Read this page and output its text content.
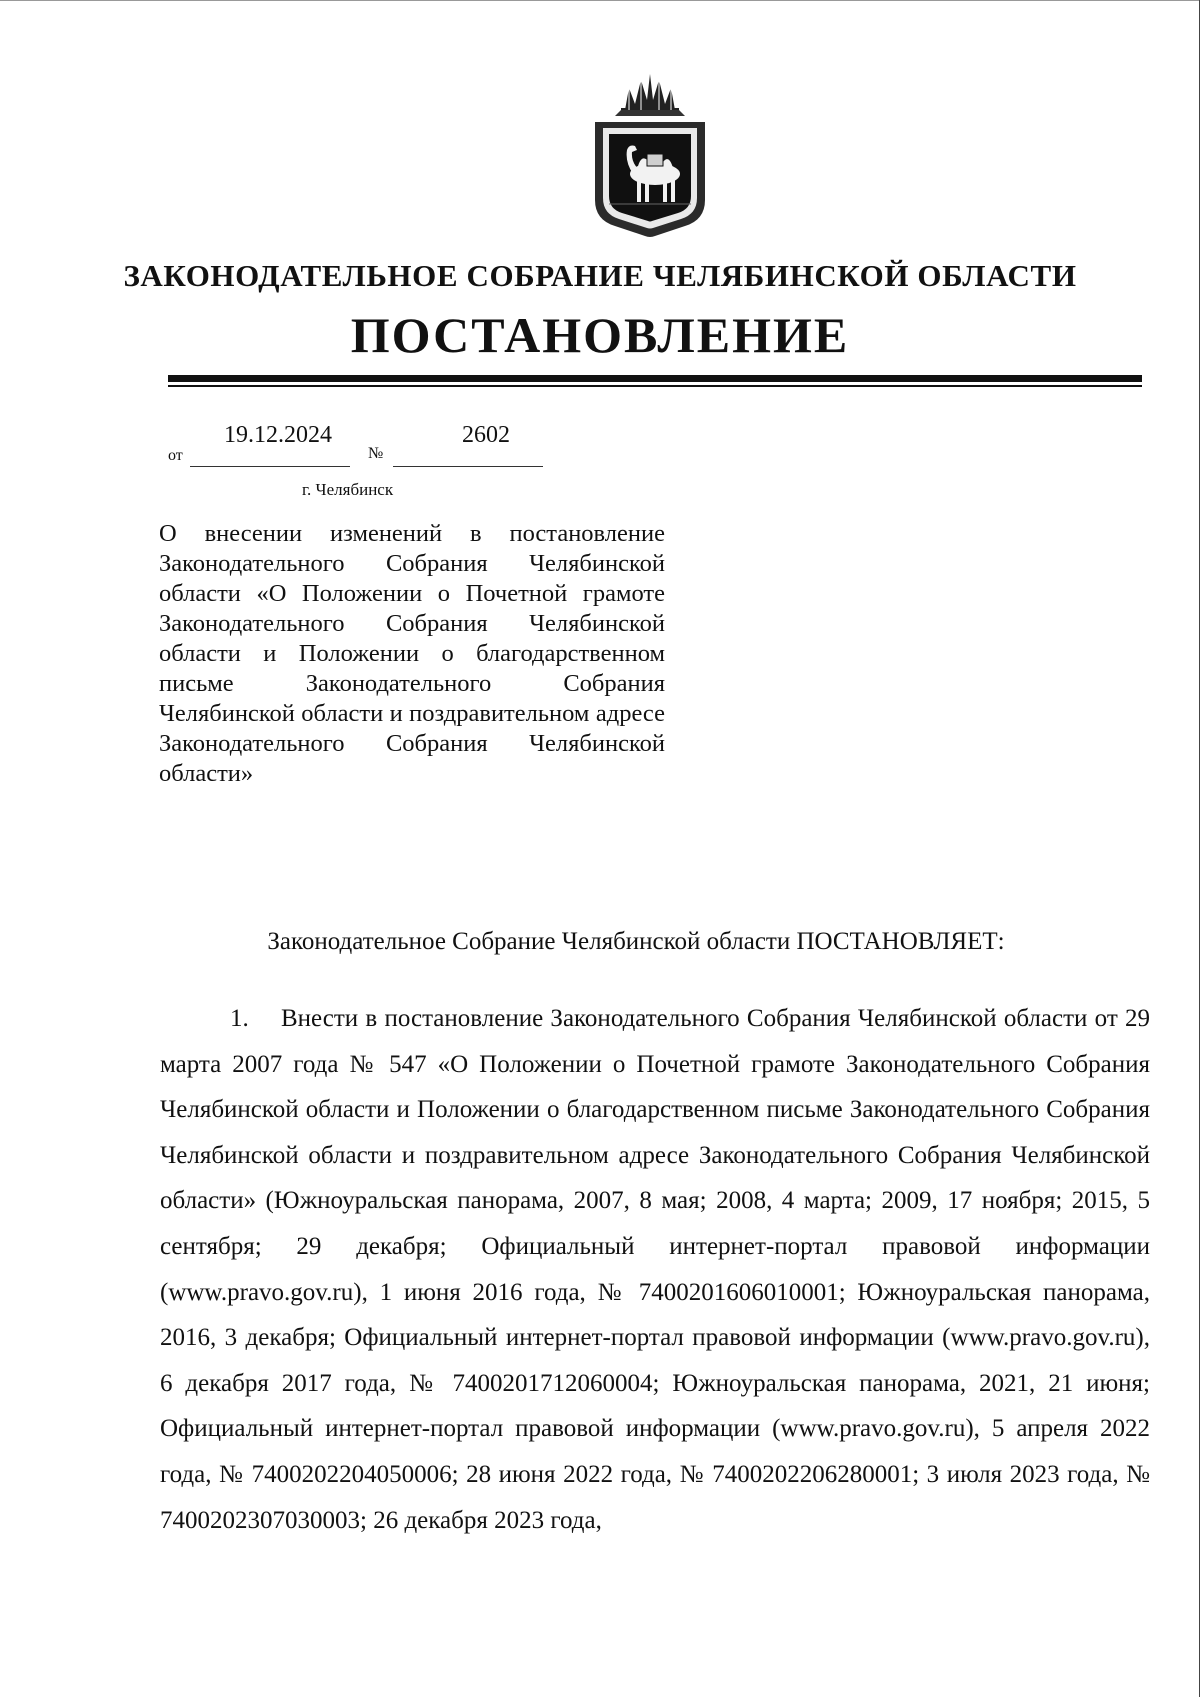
ЗАКОНОДАТЕЛЬНОЕ СОБРАНИЕ ЧЕЛЯБИНСКОЙ ОБЛАСТИ
ПОСТАНОВЛЕНИЕ
от
19.12.2024
№
2602
г. Челябинск
О внесении изменений в постановление Законодательного Собрания Челябинской области «О Положении о Почетной грамоте Законодательного Собрания Челябинской области и Положении о благодарственном письме Законодательного Собрания Челябинской области и поздравительном адресе Законодательного Собрания Челябинской области»
Законодательное Собрание Челябинской области ПОСТАНОВЛЯЕТ:
1. Внести в постановление Законодательного Собрания Челябинской области от 29 марта 2007 года № 547 «О Положении о Почетной грамоте Законодательного Собрания Челябинской области и Положении о благодарственном письме Законодательного Собрания Челябинской области и поздравительном адресе Законодательного Собрания Челябинской области» (Южноуральская панорама, 2007, 8 мая; 2008, 4 марта; 2009, 17 ноября; 2015, 5 сентября; 29 декабря; Официальный интернет-портал правовой информации (www.pravo.gov.ru), 1 июня 2016 года, № 7400201606010001; Южноуральская панорама, 2016, 3 декабря; Официальный интернет-портал правовой информации (www.pravo.gov.ru), 6 декабря 2017 года, № 7400201712060004; Южноуральская панорама, 2021, 21 июня; Официальный интернет-портал правовой информации (www.pravo.gov.ru), 5 апреля 2022 года, № 7400202204050006; 28 июня 2022 года, № 7400202206280001; 3 июля 2023 года, № 7400202307030003; 26 декабря 2023 года,
